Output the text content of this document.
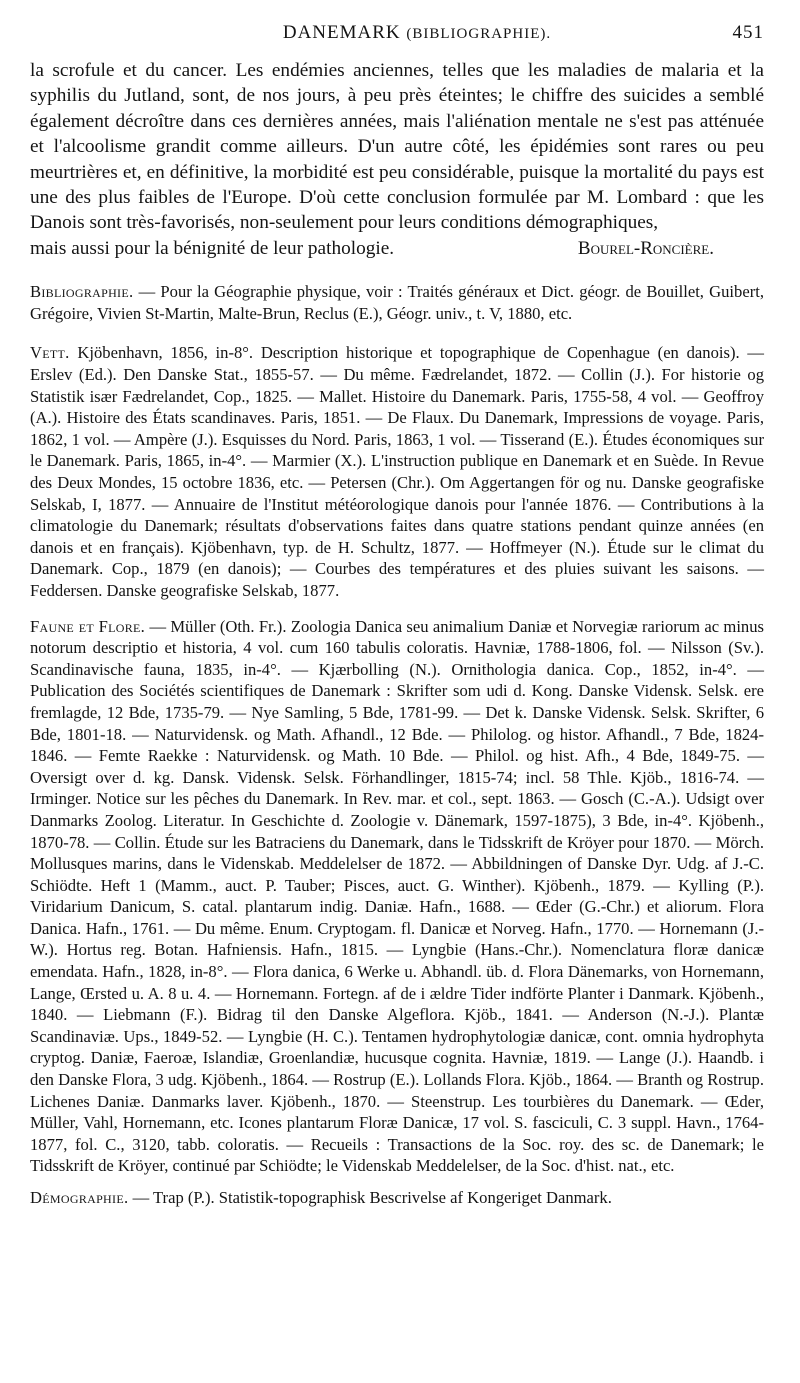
DANEMARK (BIBLIOGRAPHIE).	451
la scrofule et du cancer. Les endémies anciennes, telles que les maladies de malaria et la syphilis du Jutland, sont, de nos jours, à peu près éteintes; le chiffre des suicides a semblé également décroître dans ces dernières années, mais l'aliénation mentale ne s'est pas atténuée et l'alcoolisme grandit comme ailleurs. D'un autre côté, les épidémies sont rares ou peu meurtrières et, en définitive, la morbidité est peu considérable, puisque la mortalité du pays est une des plus faibles de l'Europe. D'où cette conclusion formulée par M. Lombard : que les Danois sont très-favorisés, non-seulement pour leurs conditions démographiques,
mais aussi pour la bénignité de leur pathologie.	Bourel-Roncière.

Bibliographie. — Pour la Géographie physique, voir : Traités généraux et Dict. géogr. de Bouillet, Guibert, Grégoire, Vivien St-Martin, Malte-Brun, Reclus (E.), Géogr. univ., t. V, 1880, etc.

Vett. Kjöbenhavn, 1856, in-8°. Description historique et topographique de Copenhague (en danois). — Erslev (Ed.). Den Danske Stat., 1855-57. — Du même. Fædrelandet, 1872. — Collin (J.). For historie og Statistik især Fædrelandet, Cop., 1825. — Mallet. Histoire du Danemark. Paris, 1755-58, 4 vol. — Geoffroy (A.). Histoire des États scandinaves. Paris, 1851. — De Flaux. Du Danemark, Impressions de voyage. Paris, 1862, 1 vol. — Ampère (J.). Esquisses du Nord. Paris, 1863, 1 vol. — Tisserand (E.). Études économiques sur le Danemark. Paris, 1865, in-4°. — Marmier (X.). L'instruction publique en Danemark et en Suède. In Revue des Deux Mondes, 15 octobre 1836, etc. — Petersen (Chr.). Om Aggertangen för og nu. Danske geografiske Selskab, I, 1877. — Annuaire de l'Institut météorologique danois pour l'année 1876. — Contributions à la climatologie du Danemark; résultats d'observations faites dans quatre stations pendant quinze années (en danois et en français). Kjöbenhavn, typ. de H. Schultz, 1877. — Hoffmeyer (N.). Étude sur le climat du Danemark. Cop., 1879 (en danois); — Courbes des températures et des pluies suivant les saisons. — Feddersen. Danske geografiske Selskab, 1877.

Faune et Flore. — Müller (Oth. Fr.). Zoologia Danica seu animalium Daniæ et Norvegiæ rariorum ac minus notorum descriptio et historia, 4 vol. cum 160 tabulis coloratis. Havniæ, 1788-1806, fol. — Nilsson (Sv.). Scandinavische fauna, 1835, in-4°. — Kjærbolling (N.). Ornithologia danica. Cop., 1852, in-4°. — Publication des Sociétés scientifiques de Danemark : Skrifter som udi d. Kong. Danske Vidensk. Selsk. ere fremlagde, 12 Bde, 1735-79. — Nye Samling, 5 Bde, 1781-99. — Det k. Danske Vidensk. Selsk. Skrifter, 6 Bde, 1801-18. — Naturvidensk. og Math. Afhandl., 12 Bde. — Philolog. og histor. Afhandl., 7 Bde, 1824-1846. — Femte Raekke : Naturvidensk. og Math. 10 Bde. — Philol. og hist. Afh., 4 Bde, 1849-75. — Oversigt over d. kg. Dansk. Vidensk. Selsk. Förhandlinger, 1815-74; incl. 58 Thle. Kjöb., 1816-74. — Irminger. Notice sur les pêches du Danemark. In Rev. mar. et col., sept. 1863. — Gosch (C.-A.). Udsigt over Danmarks Zoolog. Literatur. In Geschichte d. Zoologie v. Dänemark, 1597-1875), 3 Bde, in-4°. Kjöbenh., 1870-78. — Collin. Étude sur les Batraciens du Danemark, dans le Tidsskrift de Kröyer pour 1870. — Mörch. Mollusques marins, dans le Videnskab. Meddelelser de 1872. — Abbildningen of Danske Dyr. Udg. af J.-C. Schiödte. Heft 1 (Mamm., auct. P. Tauber; Pisces, auct. G. Winther). Kjöbenh., 1879. — Kylling (P.). Viridarium Danicum, S. catal. plantarum indig. Daniæ. Hafn., 1688. — Œder (G.-Chr.) et aliorum. Flora Danica. Hafn., 1761. — Du même. Enum. Cryptogam. fl. Danicæ et Norveg. Hafn., 1770. — Hornemann (J.-W.). Hortus reg. Botan. Hafniensis. Hafn., 1815. — Lyngbie (Hans.-Chr.). Nomenclatura floræ danicæ emendata. Hafn., 1828, in-8°. — Flora danica, 6 Werke u. Abhandl. üb. d. Flora Dänemarks, von Hornemann, Lange, Œrsted u. A. 8 u. 4. — Hornemann. Fortegn. af de i ældre Tider indförte Planter i Danmark. Kjöbenh., 1840. — Liebmann (F.). Bidrag til den Danske Algeflora. Kjöb., 1841. — Anderson (N.-J.). Plantæ Scandinaviæ. Ups., 1849-52. — Lyngbie (H. C.). Tentamen hydrophytologiæ danicæ, cont. omnia hydrophyta cryptog. Daniæ, Faeroæ, Islandiæ, Groenlandiæ, hucusque cognita. Havniæ, 1819. — Lange (J.). Haandb. i den Danske Flora, 3 udg. Kjöbenh., 1864. — Rostrup (E.). Lollands Flora. Kjöb., 1864. — Branth og Rostrup. Lichenes Daniæ. Danmarks laver. Kjöbenh., 1870. — Steenstrup. Les tourbières du Danemark. — Œder, Müller, Vahl, Hornemann, etc. Icones plantarum Floræ Danicæ, 17 vol. S. fasciculi, C. 3 suppl. Havn., 1764-1877, fol. C., 3120, tabb. coloratis. — Recueils : Transactions de la Soc. roy. des sc. de Danemark; le Tidsskrift de Kröyer, continué par Schiödte; le Videnskab Meddelelser, de la Soc. d'hist. nat., etc.

Démographie. — Trap (P.). Statistik-topographisk Bescrivelse af Kongeriget Danmark.
